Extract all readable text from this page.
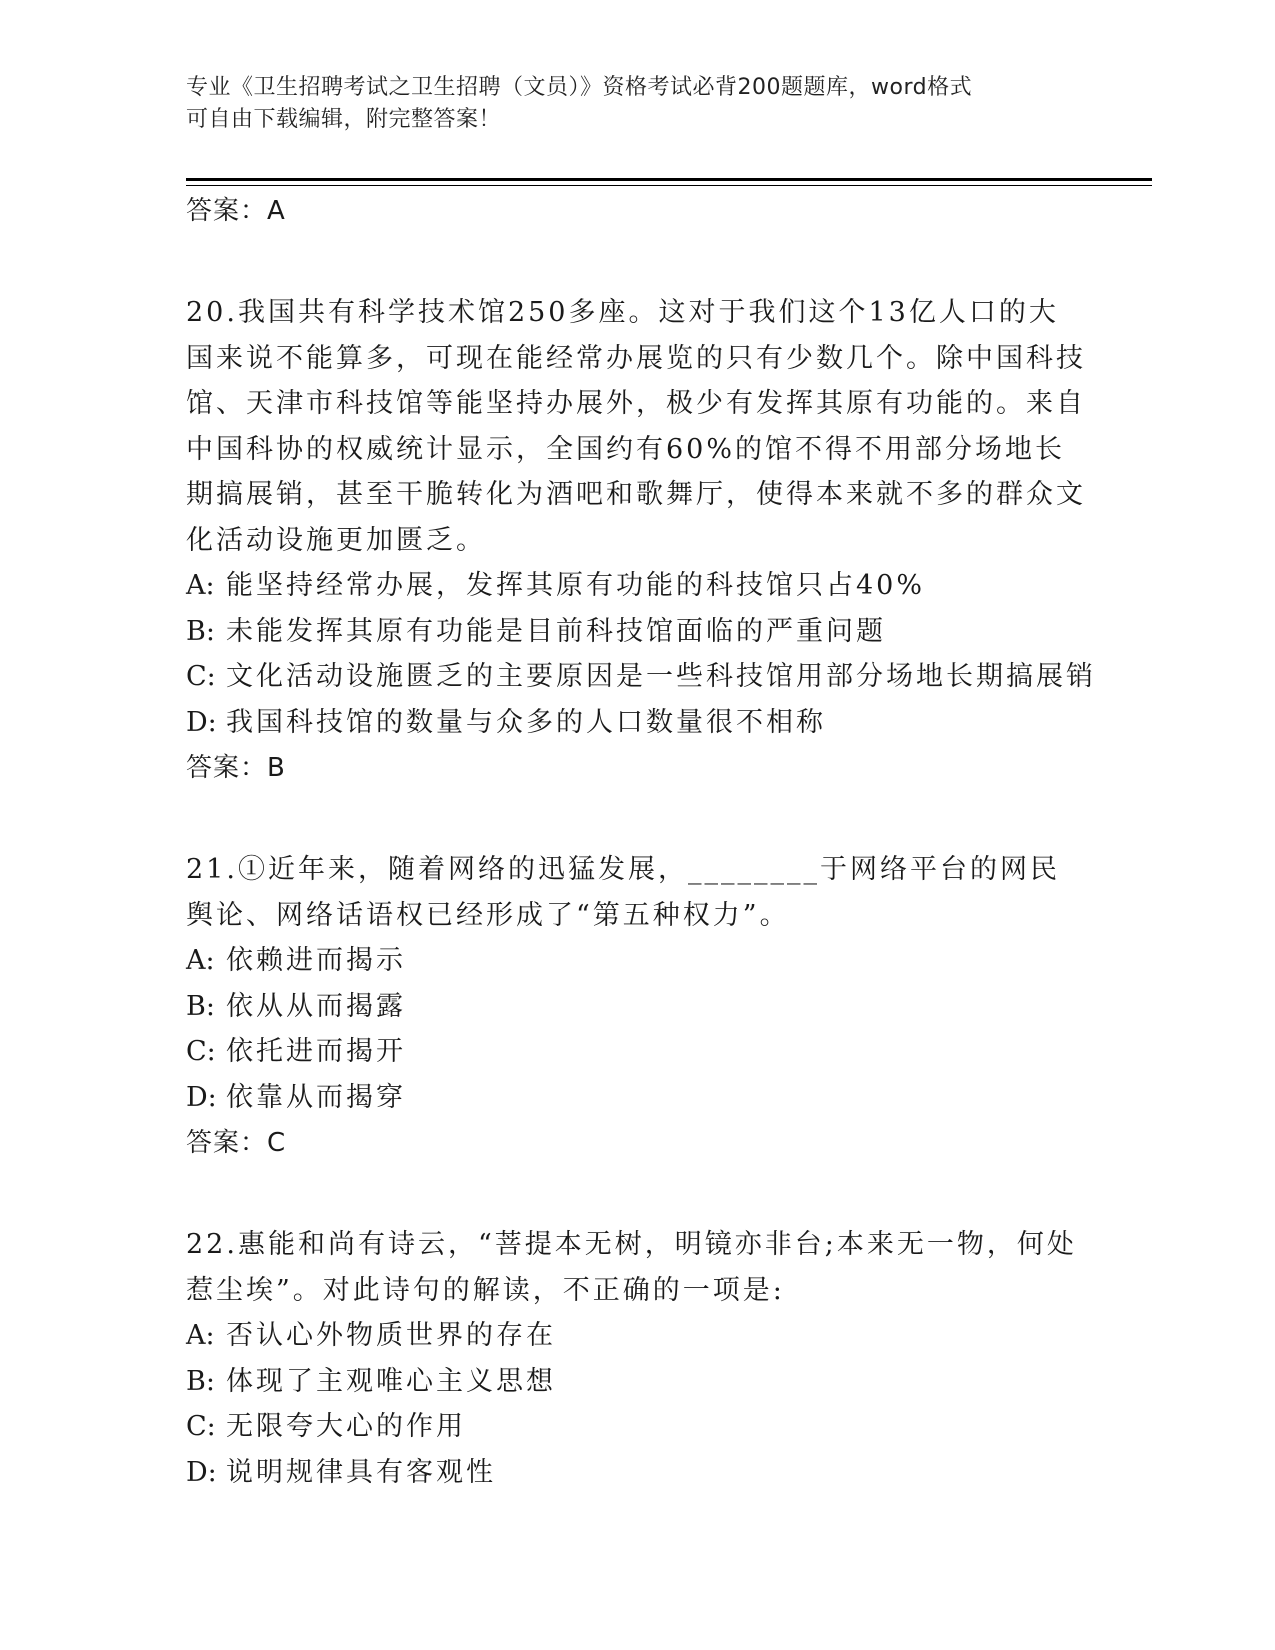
专业《卫生招聘考试之卫生招聘（文员）》资格考试必背200题题库，word格式
可自由下载编辑，附完整答案！
答案：A
20.我国共有科学技术馆250多座。这对于我们这个13亿人口的大国来说不能算多，可现在能经常办展览的只有少数几个。除中国科技馆、天津市科技馆等能坚持办展外，极少有发挥其原有功能的。来自中国科协的权威统计显示，全国约有60%的馆不得不用部分场地长期搞展销，甚至干脆转化为酒吧和歌舞厅，使得本来就不多的群众文化活动设施更加匮乏。
A: 能坚持经常办展，发挥其原有功能的科技馆只占40%
B: 未能发挥其原有功能是目前科技馆面临的严重问题
C: 文化活动设施匮乏的主要原因是一些科技馆用部分场地长期搞展销
D: 我国科技馆的数量与众多的人口数量很不相称
答案：B
21.①近年来，随着网络的迅猛发展，________于网络平台的网民舆论、网络话语权已经形成了“第五种权力”。
A: 依赖进而揭示
B: 依从从而揭露
C: 依托进而揭开
D: 依靠从而揭穿
答案：C
22.惠能和尚有诗云，“菩提本无树，明镜亦非台;本来无一物，何处惹尘埃”。对此诗句的解读，不正确的一项是:
A: 否认心外物质世界的存在
B: 体现了主观唯心主义思想
C: 无限夸大心的作用
D: 说明规律具有客观性
